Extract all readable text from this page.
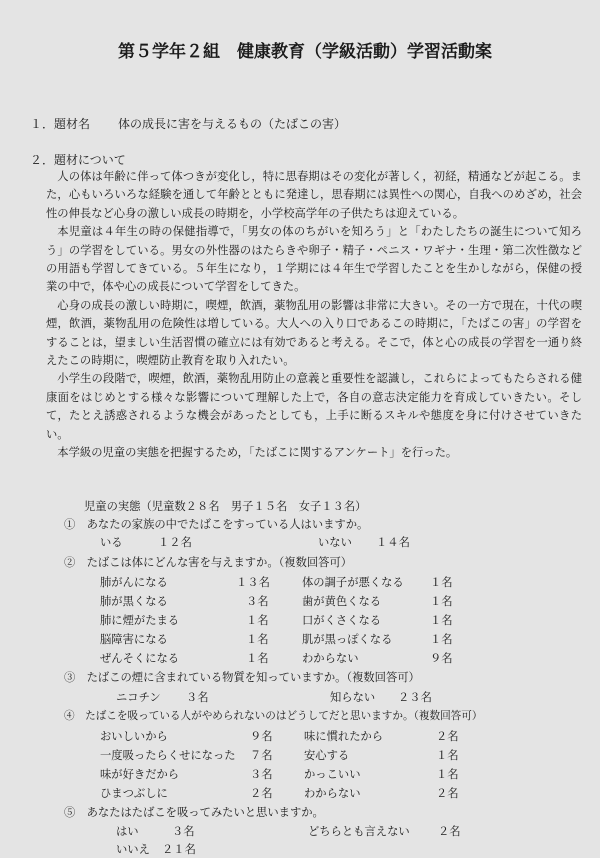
第５学年２組　健康教育（学級活動）学習活動案
１．題材名 体の成長に害を与えるもの（たばこの害）
２．題材について

人の体は年齢に伴って体つきが変化し，特に思春期はその変化が著しく，初経，精通などが起こる。また，心もいろいろな経験を通して年齢とともに発達し，思春期には異性への関心，自我へのめざめ，社会性の伸長など心身の激しい成長の時期を，小学校高学年の子供たちは迎えている。

本児童は４年生の時の保健指導で，「男女の体のちがいを知ろう」と「わたしたちの誕生について知ろう」の学習をしている。男女の外性器のはたらきや卵子・精子・ペニス・ワギナ・生理・第二次性徴などの用語も学習してきている。５年生になり，１学期には４年生で学習したことを生かしながら，保健の授業の中で，体や心の成長について学習をしてきた。

心身の成長の激しい時期に，喫煙，飲酒，薬物乱用の影響は非常に大きい。その一方で現在，十代の喫煙，飲酒，薬物乱用の危険性は増している。大人への入り口であるこの時期に，「たばこの害」の学習をすることは，望ましい生活習慣の確立には有効であると考える。そこで，体と心の成長の学習を一通り終えたこの時期に，喫煙防止教育を取り入れたい。

小学生の段階で，喫煙，飲酒，薬物乱用防止の意義と重要性を認識し，これらによってもたらされる健康面をはじめとする様々な影響について理解した上で，各自の意志決定能力を育成していきたい。そして，たとえ誘惑されるような機会があったとしても，上手に断るスキルや態度を身に付けさせていきたい。

本学級の児童の実態を把握するため，「たばこに関するアンケート」を行った。

児童の実態（児童数２８名　男子１５名　女子１３名）
①　あなたの家族の中でたばこをすっている人はいますか。
いる	１２名	いない １４名
②　たばこは体にどんな害を与えますか。（複数回答可）
肺がんになる	１３名	体の調子が悪くなる １名
肺が黒くなる	３名	歯が黄色くなる	１名
肺に煙がたまる	１名	口がくさくなる	１名
脳障害になる	１名	肌が黒っぽくなる	１名
ぜんそくになる	１名	わからない	９名
③　たばこの煙に含まれている物質を知っていますか。（複数回答可）
ニコチン ３名	知らない ２３名
④　たばこを吸っている人がやめられないのはどうしてだと思いますか。（複数回答可）
おいしいから	９名	味に慣れたから	２名
一度吸ったらくせになった ７名	安心する	１名
味が好きだから	３名	かっこいい	１名
ひまつぶしに	２名	わからない	２名
⑤　あなたはたばこを吸ってみたいと思いますか。
はい	３名	どちらとも言えない	２名
いいえ ２１名
